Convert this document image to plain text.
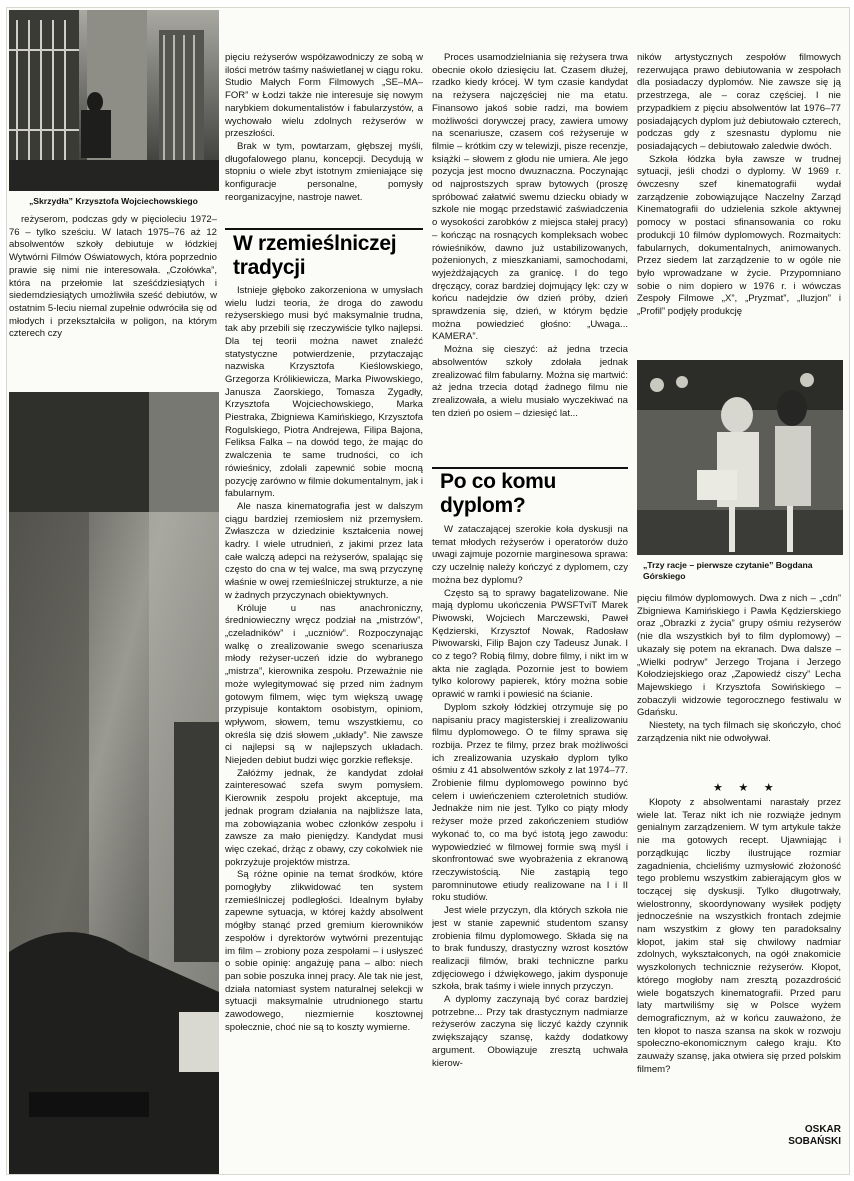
„Skrzydła” Krzysztofa Wojciechowskiego

reżyserom, podczas gdy w pięcioleciu 1972–76 – tylko sześciu. W latach 1975–76 aż 12 absolwentów szkoły debiutuje w łódzkiej Wytwórni Filmów Oświatowych, która poprzednio prawie się nimi nie interesowała. „Czołówka”, która na przełomie lat sześćdziesiątych i siedemdziesiątych umożliwiła sześć debiutów, w ostatnim 5-leciu niemal zupełnie odwróciła się od młodych i przekształciła w poligon, na którym czterech czy

pięciu reżyserów współzawodniczy ze sobą w ilości metrów taśmy naświetlanej w ciągu roku. Studio Małych Form Filmowych „SE–MA–FOR” w Łodzi także nie interesuje się nowym narybkiem dokumentalistów i fabularzystów, a wychowało wielu zdolnych reżyserów w przeszłości.

Brak w tym, powtarzam, głębszej myśli, długofalowego planu, koncepcji. Decydują w stopniu o wiele zbyt istotnym zmieniające się konfiguracje personalne, pomysły reorganizacyjne, nastroje nawet.

W rzemieślniczej tradycji

Istnieje głęboko zakorzeniona w umysłach wielu ludzi teoria, że droga do zawodu reżyserskiego musi być maksymalnie trudna, tak aby przebili się rzeczywiście tylko najlepsi. Dla tej teorii można nawet znaleźć statystyczne potwierdzenie, przytaczając nazwiska Krzysztofa Kieślowskiego, Grzegorza Królikiewicza, Marka Piwowskiego, Janusza Zaorskiego, Tomasza Zygadły, Krzysztofa Wojciechowskiego, Marka Piestraka, Zbigniewa Kamińskiego, Krzysztofa Rogulskiego, Piotra Andrejewa, Filipa Bajona, Feliksa Falka – na dowód tego, że mając do zwalczenia te same trudności, co ich rówieśnicy, zdołali zapewnić sobie mocną pozycję zarówno w filmie dokumentalnym, jak i fabularnym.

Ale nasza kinematografia jest w dalszym ciągu bardziej rzemiosłem niż przemysłem. Zwłaszcza w dziedzinie kształcenia nowej kadry. I wiele utrudnień, z jakimi przez lata całe walczą adepci na reżyserów, spalając się często do cna w tej walce, ma swą przyczynę właśnie w owej rzemieślniczej strukturze, a nie w żadnych przyczynach obiektywnych.

Króluje u nas anachroniczny, średniowieczny wręcz podział na „mistrzów”, „czeladników” i „uczniów”. Rozpoczynając walkę o zrealizowanie swego scenariusza młody reżyser-uczeń idzie do wybranego „mistrza”, kierownika zespołu. Przeważnie nie może wylegitymować się przed nim żadnym gotowym filmem, więc tym większą uwagę przypisuje kontaktom osobistym, opiniom, wpływom, słowem, temu wszystkiemu, co określa się dziś słowem „układy”. Nie zawsze ci najlepsi są w najlepszych układach. Niejeden debiut budzi więc gorzkie refleksje.

Załóżmy jednak, że kandydat zdołał zainteresować szefa swym pomysłem. Kierownik zespołu projekt akceptuje, ma jednak program działania na najbliższe lata, ma zobowiązania wobec członków zespołu i zawsze za mało pieniędzy. Kandydat musi więc czekać, drżąc z obawy, czy cokolwiek nie pokrzyżuje projektów mistrza.

Są różne opinie na temat środków, które pomogłyby zlikwidować ten system rzemieślniczej podległości. Idealnym byłaby zapewne sytuacja, w której każdy absolwent mógłby stanąć przed gremium kierowników zespołów i dyrektorów wytwórni prezentując im film – zrobiony poza zespołami – i usłyszeć o sobie opinię: angażuję pana – albo: niech pan sobie poszuka innej pracy. Ale tak nie jest, działa natomiast system naturalnej selekcji w sytuacji maksymalnie utrudnionego startu zawodowego, niezmiernie kosztownej społecznie, choć nie są to koszty wymierne.

Proces usamodzielniania się reżysera trwa obecnie około dziesięciu lat. Czasem dłużej, rzadko kiedy krócej. W tym czasie kandydat na reżysera najczęściej nie ma etatu. Finansowo jakoś sobie radzi, ma bowiem możliwości dorywczej pracy, zawiera umowy na scenariusze, czasem coś reżyseruje w filmie – krótkim czy w telewizji, pisze recenzje, książki – słowem z głodu nie umiera. Ale jego pozycja jest mocno dwuznaczna. Poczynając od najprostszych spraw bytowych (proszę spróbować załatwić swemu dziecku obiady w szkole nie mogąc przedstawić zaświadczenia o wysokości zarobków z miejsca stałej pracy) – kończąc na rosnących kompleksach wobec rówieśników, dawno już ustabilizowanych, pożenionych, z mieszkaniami, samochodami, wyjeżdżających za granicę. I do tego dręczący, coraz bardziej dojmujący lęk: czy w końcu nadejdzie ów dzień próby, dzień sprawdzenia się, dzień, w którym będzie można powiedzieć głośno: „Uwaga... KAMERA”.

Można się cieszyć: aż jedna trzecia absolwentów szkoły zdołała jednak zrealizować film fabularny. Można się martwić: aż jedna trzecia dotąd żadnego filmu nie zrealizowała, a wielu musiało wyczekiwać na ten dzień po osiem – dziesięć lat...

Po co komu dyplom?

W zataczającej szerokie koła dyskusji na temat młodych reżyserów i operatorów dużo uwagi zajmuje pozornie marginesowa sprawa: czy uczelnię należy kończyć z dyplomem, czy można bez dyplomu?

Często są to sprawy bagatelizowane. Nie mają dyplomu ukończenia PWSFTviT Marek Piwowski, Wojciech Marczewski, Paweł Kędzierski, Krzysztof Nowak, Radosław Piwowarski, Filip Bajon czy Tadeusz Junak. I co z tego? Robią filmy, dobre filmy, i nikt im w akta nie zagląda. Pozornie jest to bowiem tylko kolorowy papierek, który można sobie oprawić w ramki i powiesić na ścianie.

Dyplom szkoły łódzkiej otrzymuje się po napisaniu pracy magisterskiej i zrealizowaniu filmu dyplomowego. O te filmy sprawa się rozbija. Przez te filmy, przez brak możliwości ich zrealizowania uzyskało dyplom tylko ośmiu z 41 absolwentów szkoły z lat 1974–77. Zrobienie filmu dyplomowego powinno być celem i uwieńczeniem czteroletnich studiów. Jednakże nim nie jest. Tylko co piąty młody reżyser może przed zakończeniem studiów wykonać to, co ma być istotą jego zawodu: wypowiedzieć w filmowej formie swą myśl i skonfrontować swe wyobrażenia z ekranową rzeczywistością. Nie zastąpią tego paromninutowe etiudy realizowane na I i II roku studiów.

Jest wiele przyczyn, dla których szkoła nie jest w stanie zapewnić studentom szansy zrobienia filmu dyplomowego. Składa się na to brak funduszy, drastyczny wzrost kosztów realizacji filmów, braki techniczne parku zdjęciowego i dźwiękowego, jakim dysponuje szkoła, brak taśmy i wiele innych przyczyn.

A dyplomy zaczynają być coraz bardziej potrzebne... Przy tak drastycznym nadmiarze reżyserów zaczyna się liczyć każdy czynnik zwiększający szansę, każdy dodatkowy argument. Obowiązuje zresztą uchwała kierow-

ników artystycznych zespołów filmowych rezerwująca prawo debiutowania w zespołach dla posiadaczy dyplomów. Nie zawsze się ją przestrzega, ale – coraz częściej. I nie przypadkiem z pięciu absolwentów lat 1976–77 posiadających dyplom już debiutowało czterech, podczas gdy z szesnastu dyplomu nie posiadających – debiutowało zaledwie dwóch.

Szkoła łódzka była zawsze w trudnej sytuacji, jeśli chodzi o dyplomy. W 1969 r. ówczesny szef kinematografii wydał zarządzenie zobowiązujące Naczelny Zarząd Kinematografii do udzielenia szkole aktywnej pomocy w postaci sfinansowania co roku produkcji 10 filmów dyplomowych. Rozmaitych: fabularnych, dokumentalnych, animowanych. Przez siedem lat zarządzenie to w ogóle nie było wprowadzane w życie. Przypomniano sobie o nim dopiero w 1976 r. i wówczas Zespoły Filmowe „X”, „Pryzmat”, „Iluzjon” i „Profil” podjęły produkcję

„Trzy racje – pierwsze czytanie” Bogdana Górskiego

pięciu filmów dyplomowych. Dwa z nich – „cdn” Zbigniewa Kamińskiego i Pawła Kędzierskiego oraz „Obrazki z życia” grupy ośmiu reżyserów (nie dla wszystkich był to film dyplomowy) – ukazały się potem na ekranach. Dwa dalsze – „Wielki podryw” Jerzego Trojana i Jerzego Kołodziejskiego oraz „Zapowiedź ciszy” Lecha Majewskiego i Krzysztofa Sowińskiego – zobaczyli widzowie tegorocznego festiwalu w Gdańsku.

Niestety, na tych filmach się skończyło, choć zarządzenia nikt nie odwoływał.

★ ★ ★

Kłopoty z absolwentami narastały przez wiele lat. Teraz nikt ich nie rozwiąże jednym genialnym zarządzeniem. W tym artykule także nie ma gotowych recept. Ujawniając i porządkując liczby ilustrujące rozmiar zagadnienia, chcieliśmy uzmysłowić złożoność tego problemu wszystkim zabierającym głos w toczącej się dyskusji. Tylko długotrwały, wielostronny, skoordynowany wysiłek podjęty jednocześnie na wszystkich frontach zdejmie nam wszystkim z głowy ten paradoksalny kłopot, jakim stał się chwilowy nadmiar zdolnych, wykształconych, na ogół znakomicie wyszkolonych technicznie reżyserów. Kłopot, którego mogłoby nam zresztą pozazdrościć wiele bogatszych kinematografii. Przed paru laty martwiliśmy się w Polsce wyżem demograficznym, aż w końcu zauważono, że ten kłopot to nasza szansa na skok w rozwoju społeczno-ekonomicznym całego kraju. Kto zauważy szansę, jaka otwiera się przed polskim filmem?

OSKAR
SOBAŃSKI
